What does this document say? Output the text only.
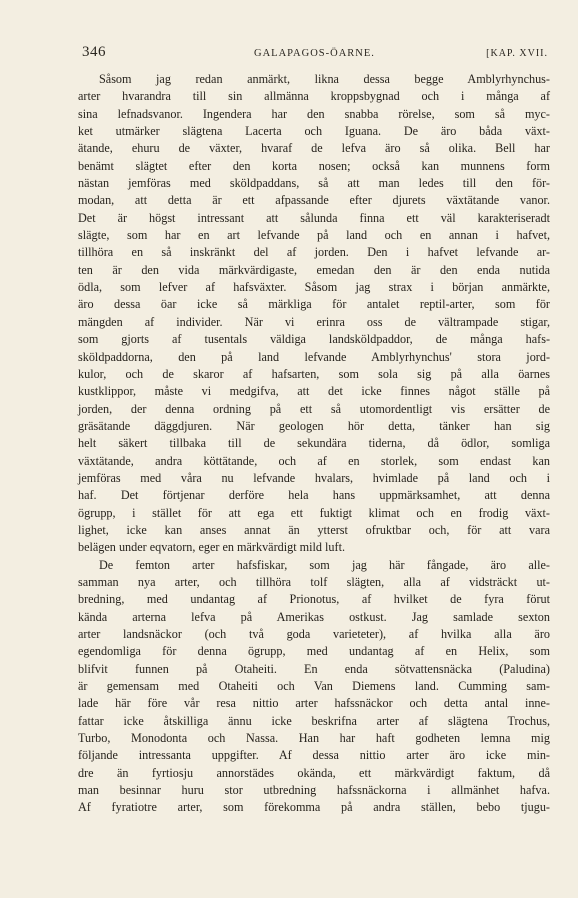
346	GALAPAGOS-ÖARNE.	[KAP. XVII.
Såsom jag redan anmärkt, likna dessa begge Amblyrhynchus-
arter hvarandra till sin allmänna kroppsbygnad och i många af
sina lefnadsvanor. Ingendera har den snabba rörelse, som så myc-
ket utmärker slägtena Lacerta och Iguana. De äro båda växt-
ätande, ehuru de växter, hvaraf de lefva äro så olika. Bell har
benämt slägtet efter den korta nosen; också kan munnens form
nästan jemföras med sköldpaddans, så att man ledes till den för-
modan, att detta är ett afpassande efter djurets växtätande vanor.
Det är högst intressant att sålunda finna ett väl karakteriseradt
slägte, som har en art lefvande på land och en annan i hafvet,
tillhöra en så inskränkt del af jorden. Den i hafvet lefvande ar-
ten är den vida märkvärdigaste, emedan den är den enda nutida
ödla, som lefver af hafsväxter. Såsom jag strax i början anmärkte,
äro dessa öar icke så märkliga för antalet reptil-arter, som för
mängden af individer. När vi erinra oss de vältrampade stigar,
som gjorts af tusentals väldiga landsköldpaddor, de många hafs-
sköldpaddorna, den på land lefvande Amblyrhynchus' stora jord-
kulor, och de skaror af hafsarten, som sola sig på alla öarnes
kustklippor, måste vi medgifva, att det icke finnes något ställe på
jorden, der denna ordning på ett så utomordentligt vis ersätter de
gräsätande däggdjuren. När geologen hör detta, tänker han sig
helt säkert tillbaka till de sekundära tiderna, då ödlor, somliga
växtätande, andra köttätande, och af en storlek, som endast kan
jemföras med våra nu lefvande hvalars, hvimlade på land och i
haf. Det förtjenar derföre hela hans uppmärksamhet, att denna
ögrupp, i stället för att ega ett fuktigt klimat och en frodig växt-
lighet, icke kan anses annat än ytterst ofruktbar och, för att vara
belägen under eqvatorn, eger en märkvärdigt mild luft.
De femton arter hafsfiskar, som jag här fångade, äro alle-
samman nya arter, och tillhöra tolf slägten, alla af vidsträckt ut-
bredning, med undantag af Prionotus, af hvilket de fyra förut
kända arterna lefva på Amerikas ostkust. Jag samlade sexton
arter landsnäckor (och två goda varieteter), af hvilka alla äro
egendomliga för denna ögrupp, med undantag af en Helix, som
blifvit funnen på Otaheiti. En enda sötvattensnäcka (Paludina)
är gemensam med Otaheiti och Van Diemens land. Cumming sam-
lade här före vår resa nittio arter hafssnäckor och detta antal inne-
fattar icke åtskilliga ännu icke beskrifna arter af slägtena Trochus,
Turbo, Monodonta och Nassa. Han har haft godheten lemna mig
följande intressanta uppgifter. Af dessa nittio arter äro icke min-
dre än fyrtiosju annorstädes okända, ett märkvärdigt faktum, då
man besinnar huru stor utbredning hafssnäckorna i allmänhet hafva.
Af fyratiotre arter, som förekomma på andra ställen, bebo tjugu-
